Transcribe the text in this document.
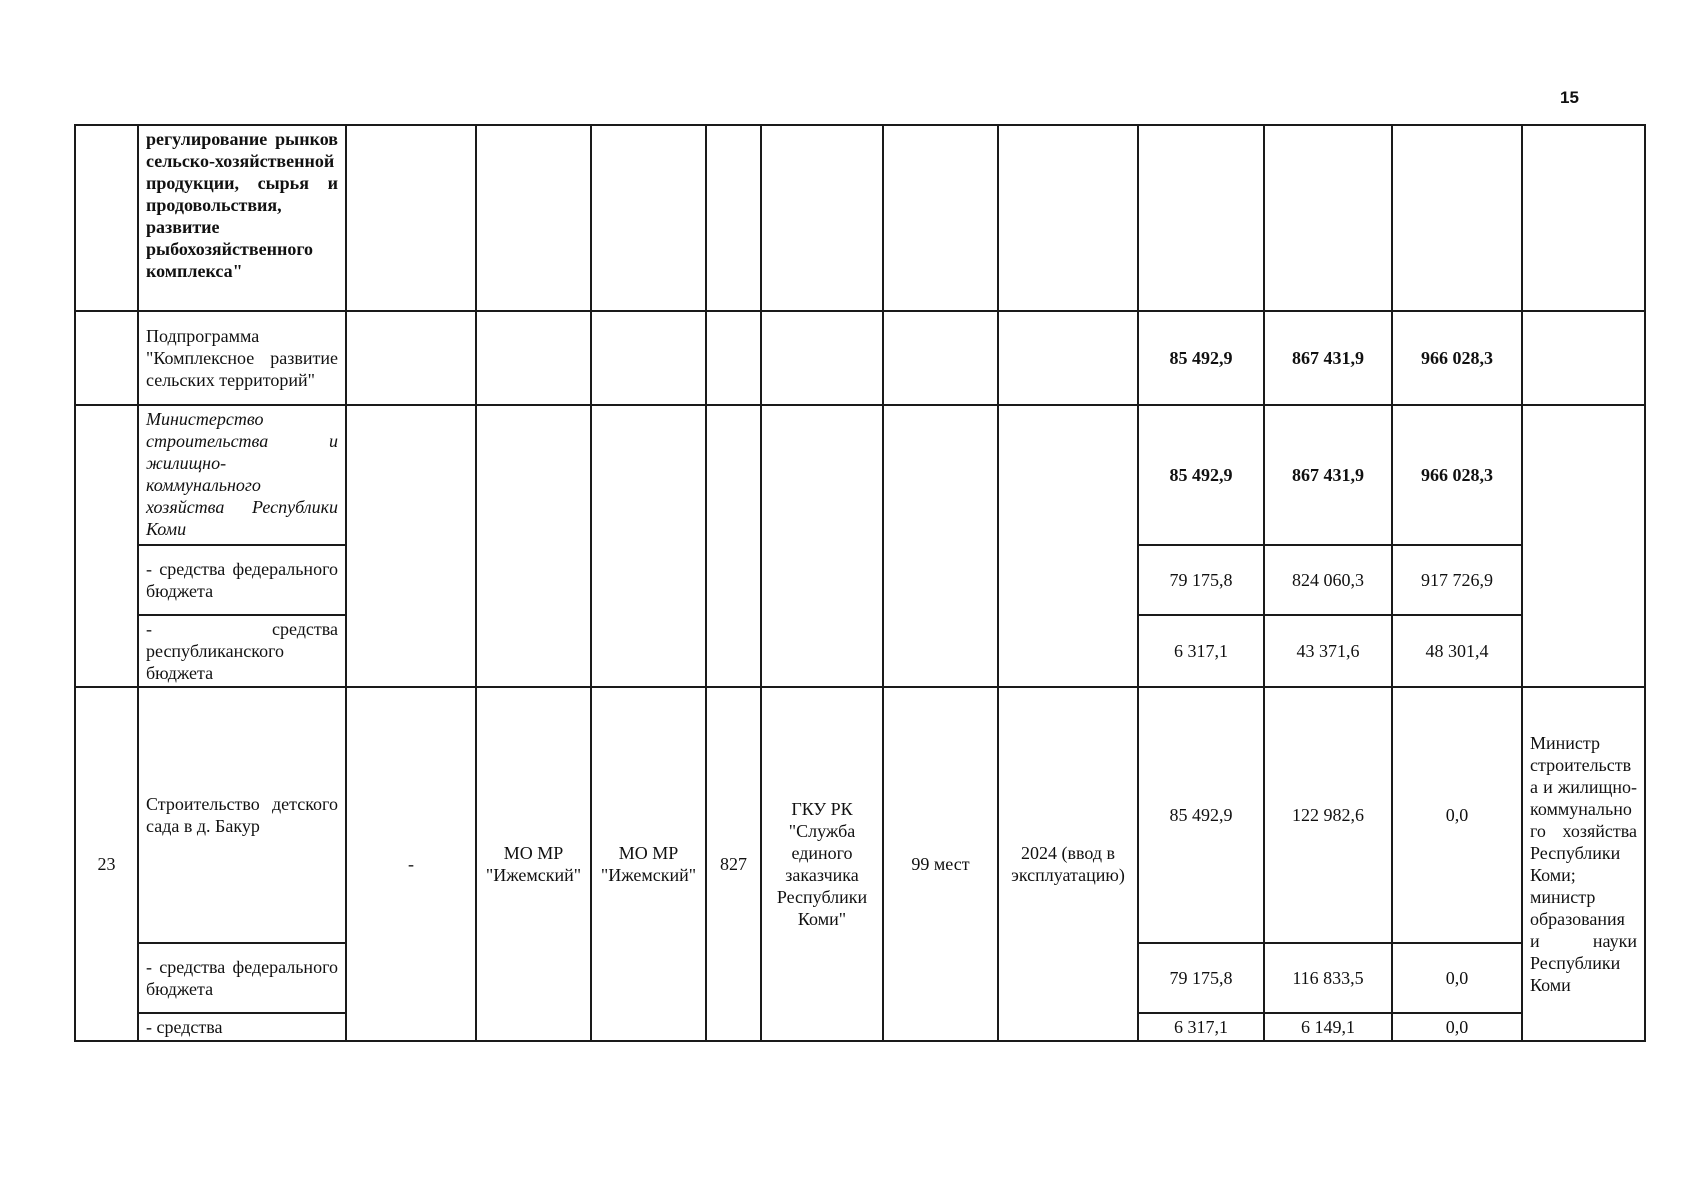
15
	регулирование рынков сельско-хозяйственной продукции, сырья и продовольствия, развитие рыбохозяйственного комплекса"											
	Подпрограмма "Комплексное развитие сельских территорий"								85 492,9	867 431,9	966 028,3	
	Министерство строительства и жилищно-коммунального хозяйства Республики Коми								85 492,9	867 431,9	966 028,3	
	- средства федерального бюджета								79 175,8	824 060,3	917 726,9	
	- средства республиканского бюджета								6 317,1	43 371,6	48 301,4	
23	Строительство детского сада в д. Бакур	-	МО МР "Ижемский"	МО МР "Ижемский"	827	ГКУ РК "Служба единого заказчика Республики Коми"	99 мест	2024 (ввод в эксплуатацию)	85 492,9	122 982,6	0,0	Министр строительства и жилищно-коммунального хозяйства Республики Коми; министр образования и науки Республики Коми
	- средства федерального бюджета								79 175,8	116 833,5	0,0	
	- средства								6 317,1	6 149,1	0,0	
